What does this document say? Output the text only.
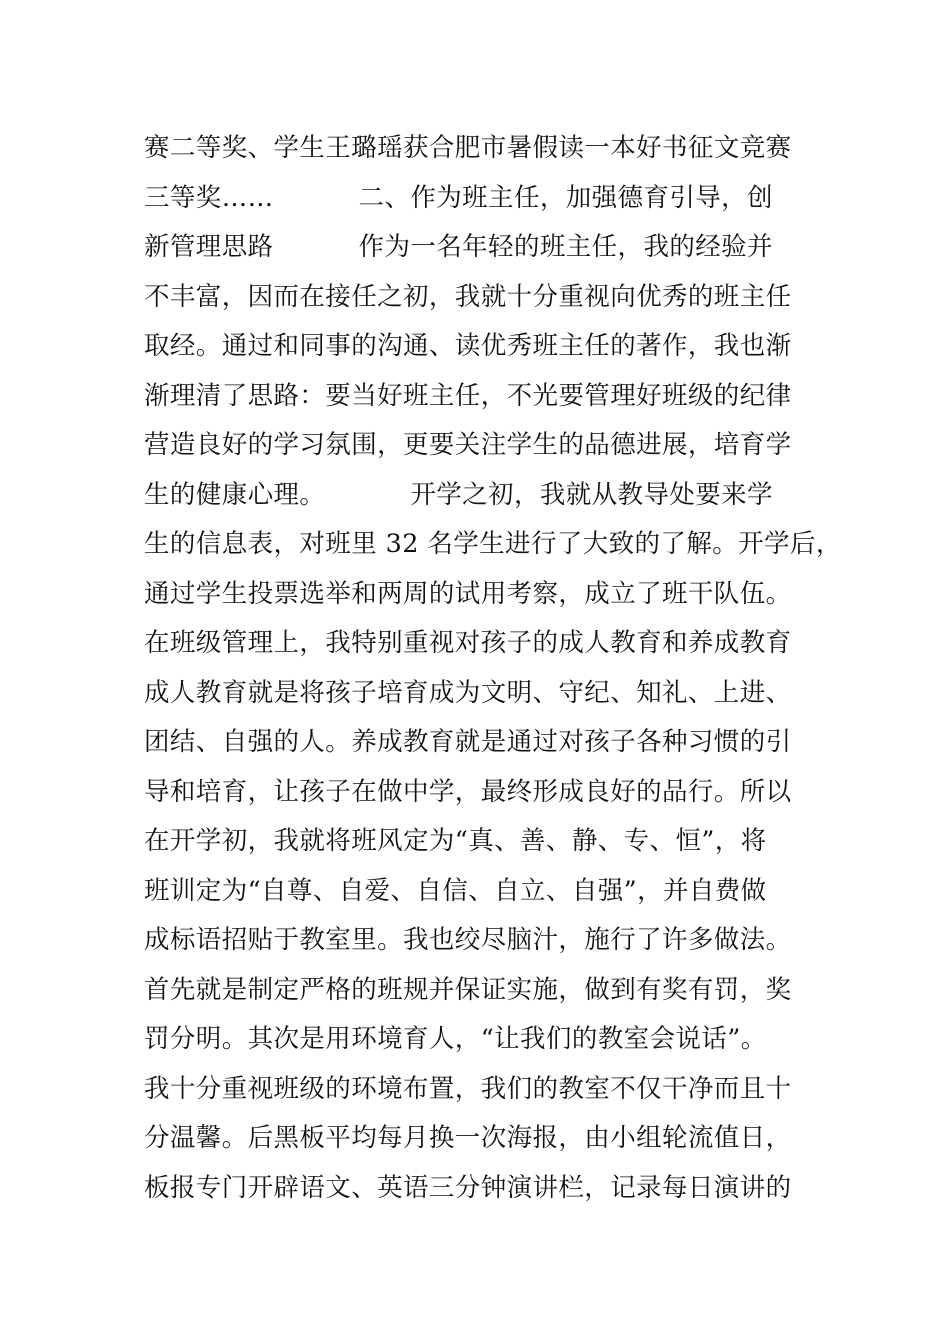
赛二等奖、学生王璐瑶获合肥市暑假读一本好书征文竞赛
三等奖……          二、作为班主任，加强德育引导，创
新管理思路          作为一名年轻的班主任，我的经验并
不丰富，因而在接任之初，我就十分重视向优秀的班主任
取经。通过和同事的沟通、读优秀班主任的著作，我也渐
渐理清了思路：要当好班主任，不光要管理好班级的纪律
营造良好的学习氛围，更要关注学生的品德进展，培育学
生的健康心理。          开学之初，我就从教导处要来学
生的信息表，对班里 32 名学生进行了大致的了解。开学后，
通过学生投票选举和两周的试用考察，成立了班干队伍。
在班级管理上，我特别重视对孩子的成人教育和养成教育
成人教育就是将孩子培育成为文明、守纪、知礼、上进、
团结、自强的人。养成教育就是通过对孩子各种习惯的引
导和培育，让孩子在做中学，最终形成良好的品行。所以
在开学初，我就将班风定为“真、善、静、专、恒”，将
班训定为“自尊、自爱、自信、自立、自强”，并自费做
成标语招贴于教室里。我也绞尽脑汁，施行了许多做法。
首先就是制定严格的班规并保证实施，做到有奖有罚，奖
罚分明。其次是用环境育人，“让我们的教室会说话”。
我十分重视班级的环境布置，我们的教室不仅干净而且十
分温馨。后黑板平均每月换一次海报，由小组轮流值日，
板报专门开辟语文、英语三分钟演讲栏，记录每日演讲的
